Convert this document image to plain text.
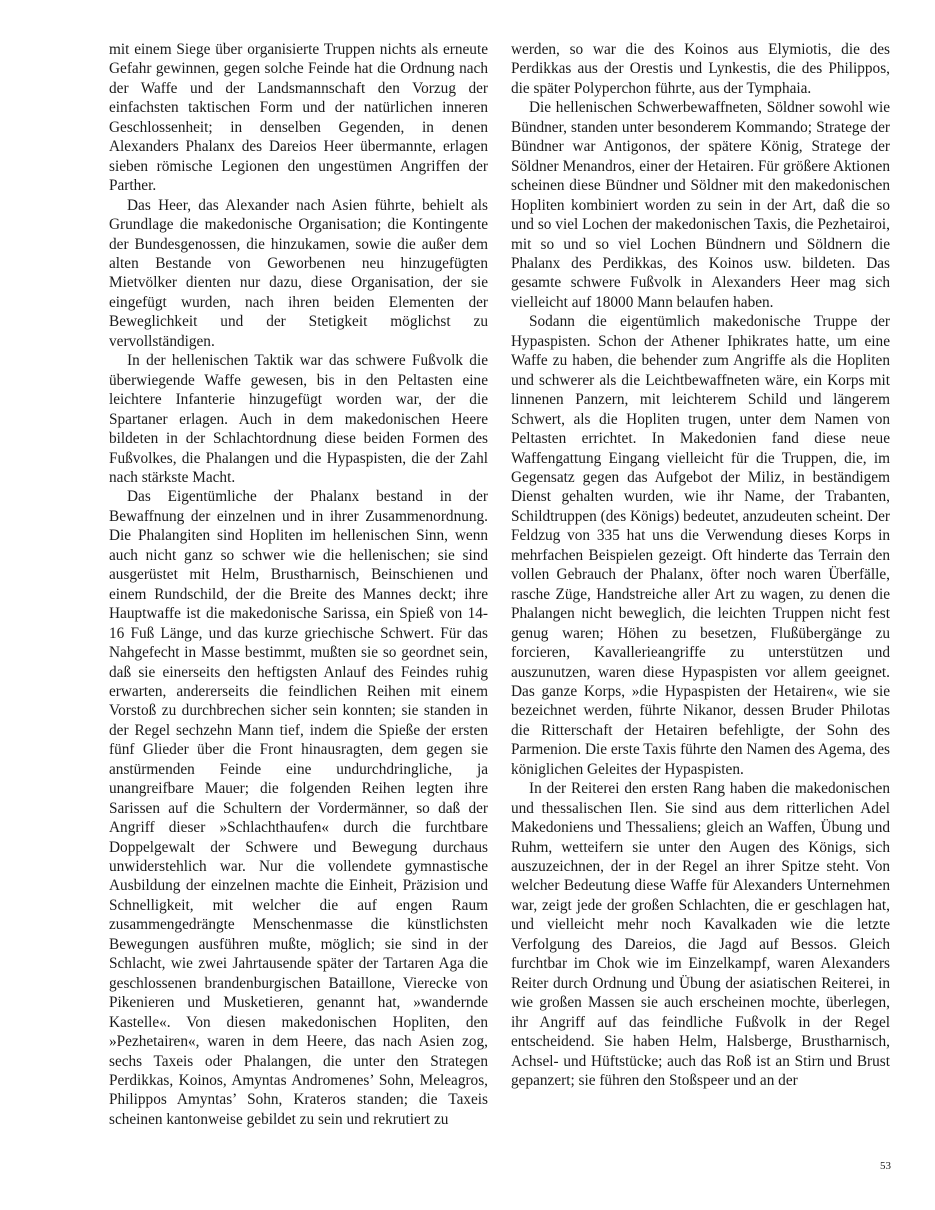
mit einem Siege über organisierte Truppen nichts als erneute Gefahr gewinnen, gegen solche Feinde hat die Ordnung nach der Waffe und der Landsmannschaft den Vorzug der einfachsten taktischen Form und der natürlichen inneren Geschlossenheit; in denselben Gegenden, in denen Alexanders Phalanx des Dareios Heer übermannte, erlagen sieben römische Legionen den ungestümen Angriffen der Parther.

Das Heer, das Alexander nach Asien führte, behielt als Grundlage die makedonische Organisation; die Kontingente der Bundesgenossen, die hinzukamen, sowie die außer dem alten Bestande von Geworbenen neu hinzugefügten Mietvölker dienten nur dazu, diese Organisation, der sie eingefügt wurden, nach ihren beiden Elementen der Beweglichkeit und der Stetigkeit möglichst zu vervollständigen.

In der hellenischen Taktik war das schwere Fußvolk die überwiegende Waffe gewesen, bis in den Peltasten eine leichtere Infanterie hinzugefügt worden war, der die Spartaner erlagen. Auch in dem makedonischen Heere bildeten in der Schlachtordnung diese beiden Formen des Fußvolkes, die Phalangen und die Hypaspisten, die der Zahl nach stärkste Macht.

Das Eigentümliche der Phalanx bestand in der Bewaffnung der einzelnen und in ihrer Zusammenordnung. Die Phalangiten sind Hopliten im hellenischen Sinn, wenn auch nicht ganz so schwer wie die hellenischen; sie sind ausgerüstet mit Helm, Brustharnisch, Beinschienen und einem Rundschild, der die Breite des Mannes deckt; ihre Hauptwaffe ist die makedonische Sarissa, ein Spieß von 14-16 Fuß Länge, und das kurze griechische Schwert. Für das Nahgefecht in Masse bestimmt, mußten sie so geordnet sein, daß sie einerseits den heftigsten Anlauf des Feindes ruhig erwarten, andererseits die feindlichen Reihen mit einem Vorstoß zu durchbrechen sicher sein konnten; sie standen in der Regel sechzehn Mann tief, indem die Spieße der ersten fünf Glieder über die Front hinausragten, dem gegen sie anstürmenden Feinde eine undurchdringliche, ja unangreifbare Mauer; die folgenden Reihen legten ihre Sarissen auf die Schultern der Vordermänner, so daß der Angriff dieser »Schlachthaufen« durch die furchtbare Doppelgewalt der Schwere und Bewegung durchaus unwiderstehlich war. Nur die vollendete gymnastische Ausbildung der einzelnen machte die Einheit, Präzision und Schnelligkeit, mit welcher die auf engen Raum zusammengedrängte Menschenmasse die künstlichsten Bewegungen ausführen mußte, möglich; sie sind in der Schlacht, wie zwei Jahrtausende später der Tartaren Aga die geschlossenen brandenburgischen Bataillone, Vierecke von Pikenieren und Musketieren, genannt hat, »wandernde Kastelle«. Von diesen makedonischen Hopliten, den »Pezhetairen«, waren in dem Heere, das nach Asien zog, sechs Taxeis oder Phalangen, die unter den Strategen Perdikkas, Koinos, Amyntas Andromenes’ Sohn, Meleagros, Philippos Amyntas’ Sohn, Krateros standen; die Taxeis scheinen kantonweise gebildet zu sein und rekrutiert zu

werden, so war die des Koinos aus Elymiotis, die des Perdikkas aus der Orestis und Lynkestis, die des Philippos, die später Polyperchon führte, aus der Tymphaia.

Die hellenischen Schwerbewaffneten, Söldner sowohl wie Bündner, standen unter besonderem Kommando; Stratege der Bündner war Antigonos, der spätere König, Stratege der Söldner Menandros, einer der Hetairen. Für größere Aktionen scheinen diese Bündner und Söldner mit den makedonischen Hopliten kombiniert worden zu sein in der Art, daß die so und so viel Lochen der makedonischen Taxis, die Pezhetairoi, mit so und so viel Lochen Bündnern und Söldnern die Phalanx des Perdikkas, des Koinos usw. bildeten. Das gesamte schwere Fußvolk in Alexanders Heer mag sich vielleicht auf 18000 Mann belaufen haben.

Sodann die eigentümlich makedonische Truppe der Hypaspisten. Schon der Athener Iphikrates hatte, um eine Waffe zu haben, die behender zum Angriffe als die Hopliten und schwerer als die Leichtbewaffneten wäre, ein Korps mit linnenen Panzern, mit leichterem Schild und längerem Schwert, als die Hopliten trugen, unter dem Namen von Peltasten errichtet. In Makedonien fand diese neue Waffengattung Eingang vielleicht für die Truppen, die, im Gegensatz gegen das Aufgebot der Miliz, in beständigem Dienst gehalten wurden, wie ihr Name, der Trabanten, Schildtruppen (des Königs) bedeutet, anzudeuten scheint. Der Feldzug von 335 hat uns die Verwendung dieses Korps in mehrfachen Beispielen gezeigt. Oft hinderte das Terrain den vollen Gebrauch der Phalanx, öfter noch waren Überfälle, rasche Züge, Handstreiche aller Art zu wagen, zu denen die Phalangen nicht beweglich, die leichten Truppen nicht fest genug waren; Höhen zu besetzen, Flußübergänge zu forcieren, Kavallerieangriffe zu unterstützen und auszunutzen, waren diese Hypaspisten vor allem geeignet. Das ganze Korps, »die Hypaspisten der Hetairen«, wie sie bezeichnet werden, führte Nikanor, dessen Bruder Philotas die Ritterschaft der Hetairen befehligte, der Sohn des Parmenion. Die erste Taxis führte den Namen des Agema, des königlichen Geleites der Hypaspisten.

In der Reiterei den ersten Rang haben die makedonischen und thessalischen Ilen. Sie sind aus dem ritterlichen Adel Makedoniens und Thessaliens; gleich an Waffen, Übung und Ruhm, wetteifern sie unter den Augen des Königs, sich auszuzeichnen, der in der Regel an ihrer Spitze steht. Von welcher Bedeutung diese Waffe für Alexanders Unternehmen war, zeigt jede der großen Schlachten, die er geschlagen hat, und vielleicht mehr noch Kavalkaden wie die letzte Verfolgung des Dareios, die Jagd auf Bessos. Gleich furchtbar im Chok wie im Einzelkampf, waren Alexanders Reiter durch Ordnung und Übung der asiatischen Reiterei, in wie großen Massen sie auch erscheinen mochte, überlegen, ihr Angriff auf das feindliche Fußvolk in der Regel entscheidend. Sie haben Helm, Halsberge, Brustharnisch, Achsel- und Hüftstücke; auch das Roß ist an Stirn und Brust gepanzert; sie führen den Stoßspeer und an der

53
